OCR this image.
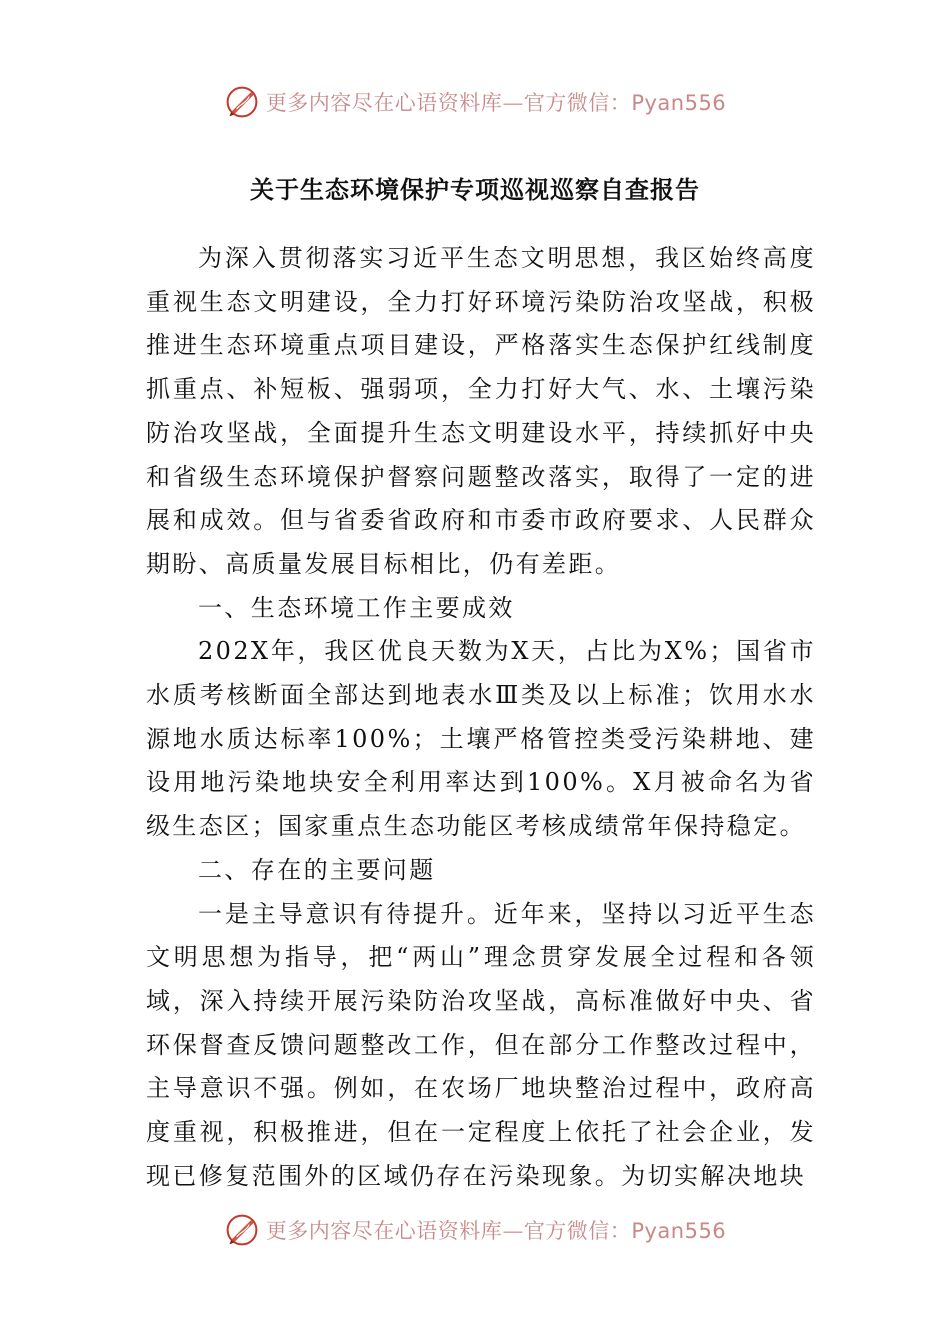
更多内容尽在心语资料库—官方微信：Pyan556
关于生态环境保护专项巡视巡察自查报告

为深入贯彻落实习近平生态文明思想，我区始终高度重视生态文明建设，全力打好环境污染防治攻坚战，积极推进生态环境重点项目建设，严格落实生态保护红线制度抓重点、补短板、强弱项，全力打好大气、水、土壤污染防治攻坚战，全面提升生态文明建设水平，持续抓好中央和省级生态环境保护督察问题整改落实，取得了一定的进展和成效。但与省委省政府和市委市政府要求、人民群众期盼、高质量发展目标相比，仍有差距。

一、生态环境工作主要成效

202X年，我区优良天数为X天，占比为X%；国省市水质考核断面全部达到地表水Ⅲ类及以上标准；饮用水水源地水质达标率100%；土壤严格管控类受污染耕地、建设用地污染地块安全利用率达到100%。X月被命名为省级生态区；国家重点生态功能区考核成绩常年保持稳定。

二、存在的主要问题

一是主导意识有待提升。近年来，坚持以习近平生态文明思想为指导，把“两山”理念贯穿发展全过程和各领域，深入持续开展污染防治攻坚战，高标准做好中央、省环保督查反馈问题整改工作，但在部分工作整改过程中，主导意识不强。例如，在农场厂地块整治过程中，政府高度重视，积极推进，但在一定程度上依托了社会企业，发现已修复范围外的区域仍存在污染现象。为切实解决地块

更多内容尽在心语资料库—官方微信：Pyan556
